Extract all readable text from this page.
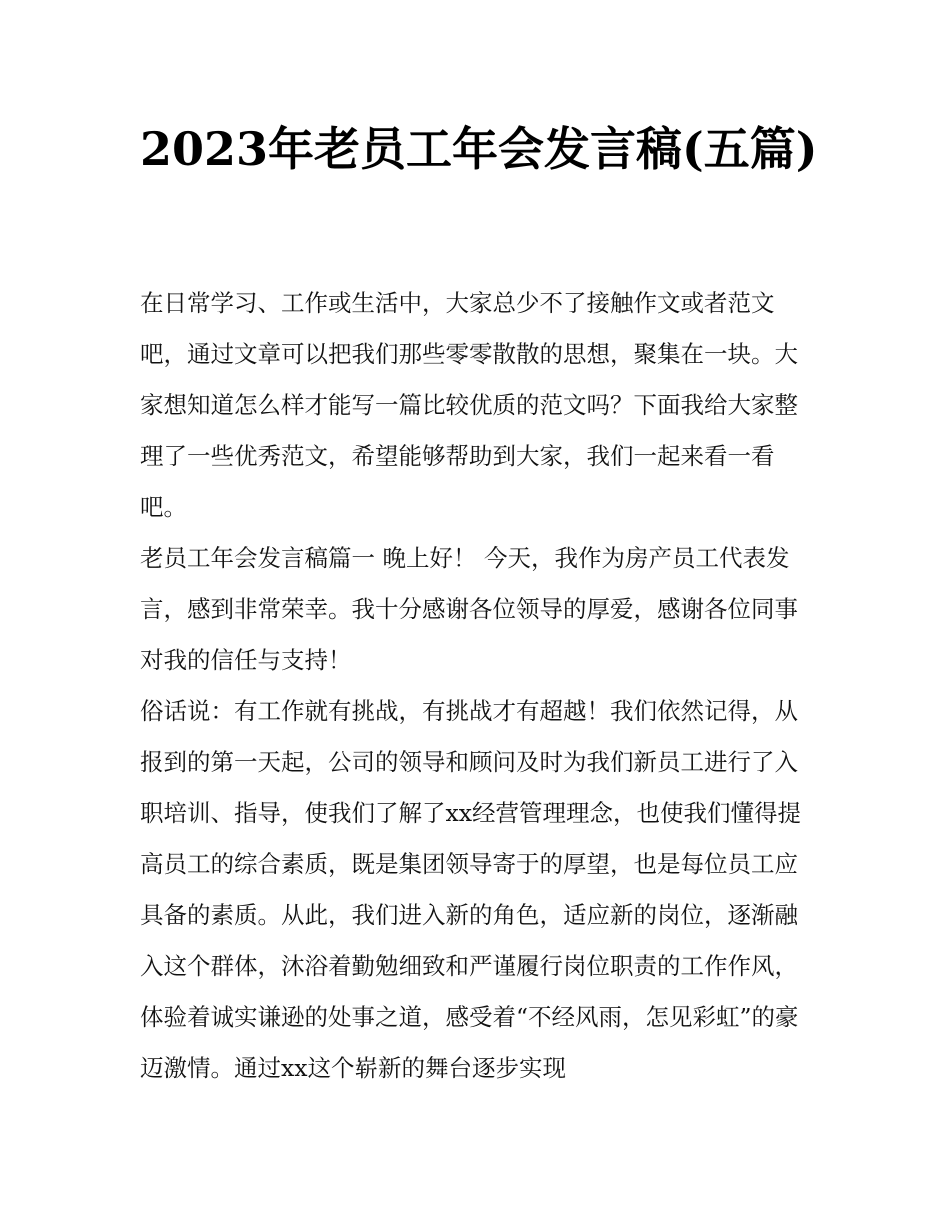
2023年老员工年会发言稿(五篇)

在日常学习、工作或生活中，大家总少不了接触作文或者范文吧，通过文章可以把我们那些零零散散的思想，聚集在一块。大家想知道怎么样才能写一篇比较优质的范文吗？下面我给大家整理了一些优秀范文，希望能够帮助到大家，我们一起来看一看吧。

老员工年会发言稿篇一 晚上好！ 今天，我作为房产员工代表发言，感到非常荣幸。我十分感谢各位领导的厚爱，感谢各位同事对我的信任与支持！

俗话说：有工作就有挑战，有挑战才有超越！我们依然记得，从报到的第一天起，公司的领导和顾问及时为我们新员工进行了入职培训、指导，使我们了解了xx经营管理理念，也使我们懂得提高员工的综合素质，既是集团领导寄于的厚望，也是每位员工应具备的素质。从此，我们进入新的角色，适应新的岗位，逐渐融入这个群体，沐浴着勤勉细致和严谨履行岗位职责的工作作风，体验着诚实谦逊的处事之道，感受着“不经风雨，怎见彩虹”的豪迈激情。通过xx这个崭新的舞台逐步实现
